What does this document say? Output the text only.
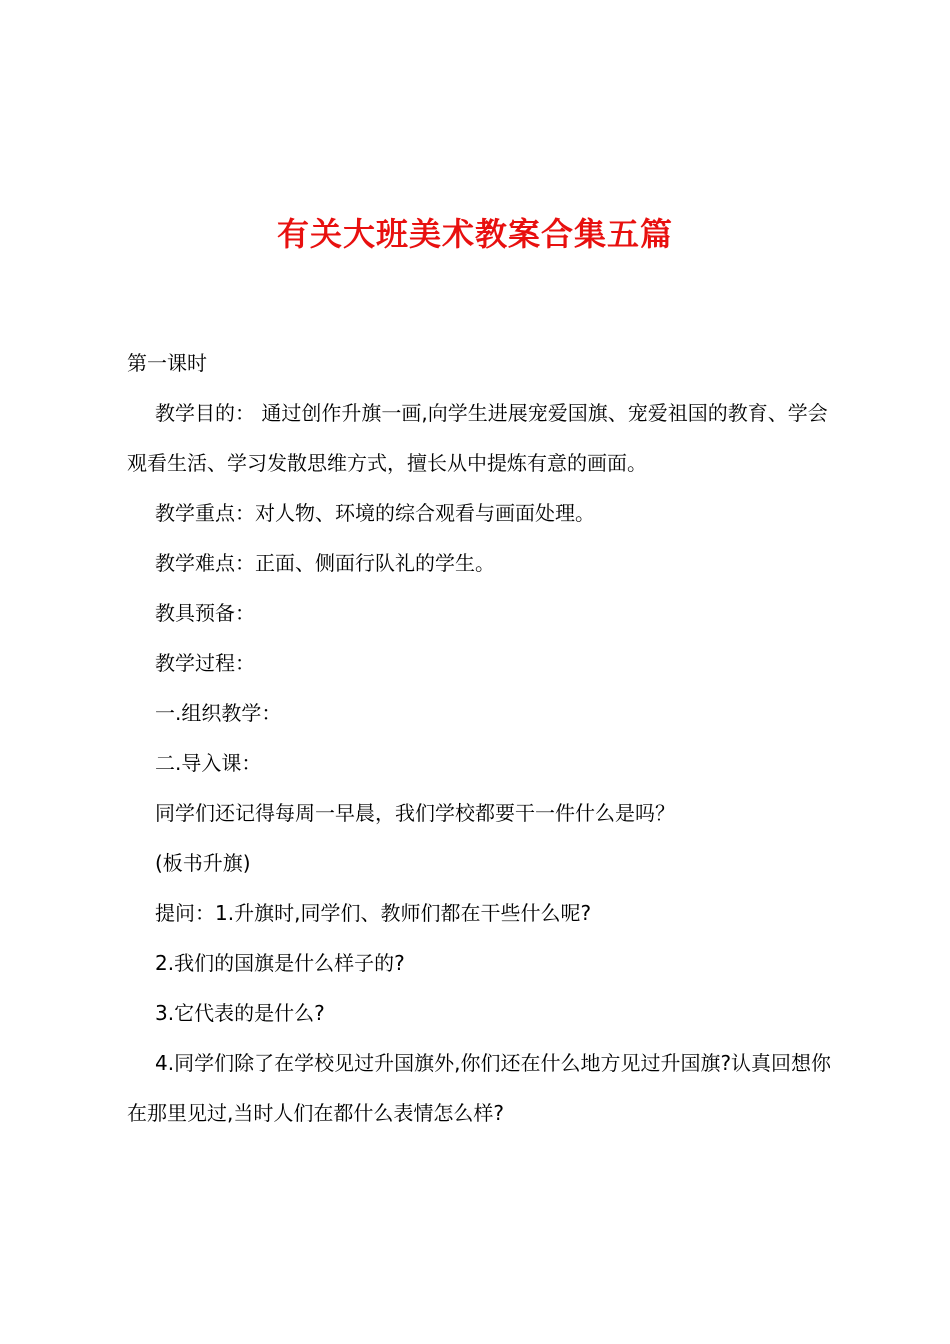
有关大班美术教案合集五篇

第一课时

教学目的： 通过创作升旗一画,向学生进展宠爱国旗、宠爱祖国的教育、学会观看生活、学习发散思维方式，擅长从中提炼有意的画面。

教学重点：对人物、环境的综合观看与画面处理。

教学难点：正面、侧面行队礼的学生。

教具预备：

教学过程：

一.组织教学：

二.导入课：

同学们还记得每周一早晨，我们学校都要干一件什么是吗？

(板书升旗)

提问：1.升旗时,同学们、教师们都在干些什么呢?

2.我们的国旗是什么样子的?

3.它代表的是什么?

4.同学们除了在学校见过升国旗外,你们还在什么地方见过升国旗?认真回想你在那里见过,当时人们在都什么表情怎么样?
